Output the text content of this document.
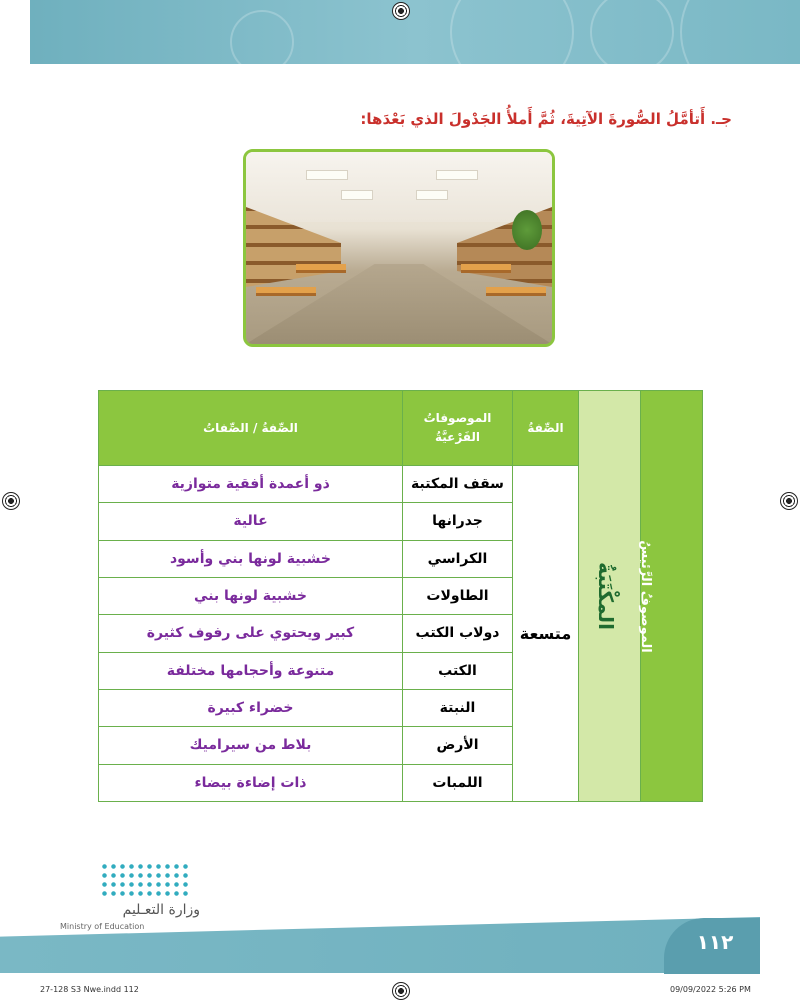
جـ. أَتأمَّلُ الصُّورةَ الآتِيةَ، ثُمَّ أَملأُ الجَدْولَ الذي بَعْدَها:
الموصوفُ الرَّئيسُ	المكْتَبَةُ	الصِّفةُ	الموصوفاتُ الفَرْعيَّةُ	الصِّفةُ / الصِّفاتُ
		متسعة	سقف المكتبة	ذو أعمدة أفقية متوازية
			جدرانها	عالية
			الكراسي	خشبية لونها بني وأسود
			الطاولات	خشبية لونها بني
			دولاب الكتب	كبير ويحتوي على رفوف كثيرة
			الكتب	متنوعة وأحجامها مختلفة
			النبتة	خضراء كبيرة
			الأرض	بلاط من سيراميك
			اللمبات	ذات إضاءة بيضاء
وزارة التعـليم
Ministry of Education
١١٢
27-128 S3 Nwe.indd 112	09/09/2022 5:26 PM
